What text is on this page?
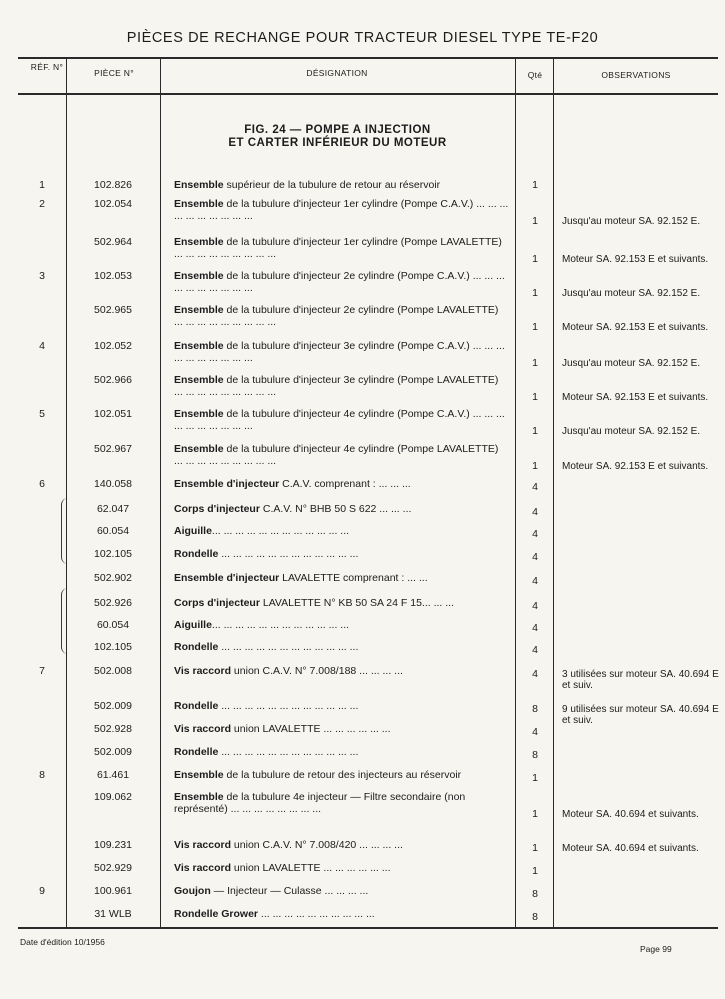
PIÈCES DE RECHANGE POUR TRACTEUR DIESEL TYPE TE-F20
RÉF. N°
PIÈCE N°	DÉSIGNATION	Qté	OBSERVATIONS
FIG. 24 — POMPE A INJECTION
ET CARTER INFÉRIEUR DU MOTEUR
1	102.826	Ensemble supérieur de la tubulure de retour au réservoir	1
2	102.054	Ensemble de la tubulure d'injecteur 1er cylindre (Pompe C.A.V.) ... ... ... ... ... ... ... ... ... ...	1	Jusqu'au moteur SA. 92.152 E.
502.964	Ensemble de la tubulure d'injecteur 1er cylindre (Pompe LAVALETTE) ... ... ... ... ... ... ... ... ...	1	Moteur SA. 92.153 E et suivants.
3	102.053	Ensemble de la tubulure d'injecteur 2e cylindre (Pompe C.A.V.) ... ... ... ... ... ... ... ... ... ...	1	Jusqu'au moteur SA. 92.152 E.
502.965	Ensemble de la tubulure d'injecteur 2e cylindre (Pompe LAVALETTE) ... ... ... ... ... ... ... ... ...	1	Moteur SA. 92.153 E et suivants.
4	102.052	Ensemble de la tubulure d'injecteur 3e cylindre (Pompe C.A.V.) ... ... ... ... ... ... ... ... ... ...	1	Jusqu'au moteur SA. 92.152 E.
502.966	Ensemble de la tubulure d'injecteur 3e cylindre (Pompe LAVALETTE) ... ... ... ... ... ... ... ... ...	1	Moteur SA. 92.153 E et suivants.
5	102.051	Ensemble de la tubulure d'injecteur 4e cylindre (Pompe C.A.V.) ... ... ... ... ... ... ... ... ... ...	1	Jusqu'au moteur SA. 92.152 E.
502.967	Ensemble de la tubulure d'injecteur 4e cylindre (Pompe LAVALETTE) ... ... ... ... ... ... ... ... ...	1	Moteur SA. 92.153 E et suivants.
6	140.058	Ensemble d'injecteur C.A.V. comprenant : ... ... ...	4
62.047	Corps d'injecteur C.A.V. N° BHB 50 S 622 ... ... ...	4
60.054	Aiguille... ... ... ... ... ... ... ... ... ... ... ...	4
102.105	Rondelle ... ... ... ... ... ... ... ... ... ... ... ...	4
502.902	Ensemble d'injecteur LAVALETTE comprenant : ... ...	4
502.926	Corps d'injecteur LAVALETTE N° KB 50 SA 24 F 15... ... ...	4
60.054	Aiguille... ... ... ... ... ... ... ... ... ... ... ...	4
102.105	Rondelle ... ... ... ... ... ... ... ... ... ... ... ...	4
7	502.008	Vis raccord union C.A.V. N° 7.008/188 ... ... ... ...	4	3 utilisées sur moteur SA. 40.694 E et suiv.
502.009	Rondelle ... ... ... ... ... ... ... ... ... ... ... ...	8	9 utilisées sur moteur SA. 40.694 E et suiv.
502.928	Vis raccord union LAVALETTE ... ... ... ... ... ...	4
502.009	Rondelle ... ... ... ... ... ... ... ... ... ... ... ...	8
8	61.461	Ensemble de la tubulure de retour des injecteurs au réservoir	1
109.062	Ensemble de la tubulure 4e injecteur — Filtre secondaire (non représenté) ... ... ... ... ... ... ... ...	1	Moteur SA. 40.694 et suivants.
109.231	Vis raccord union C.A.V. N° 7.008/420 ... ... ... ...	1	Moteur SA. 40.694 et suivants.
502.929	Vis raccord union LAVALETTE ... ... ... ... ... ...	1
9	100.961	Goujon — Injecteur — Culasse ... ... ... ...	8
31 WLB	Rondelle Grower ... ... ... ... ... ... ... ... ... ...	8
Date d'édition 10/1956
Page 99
